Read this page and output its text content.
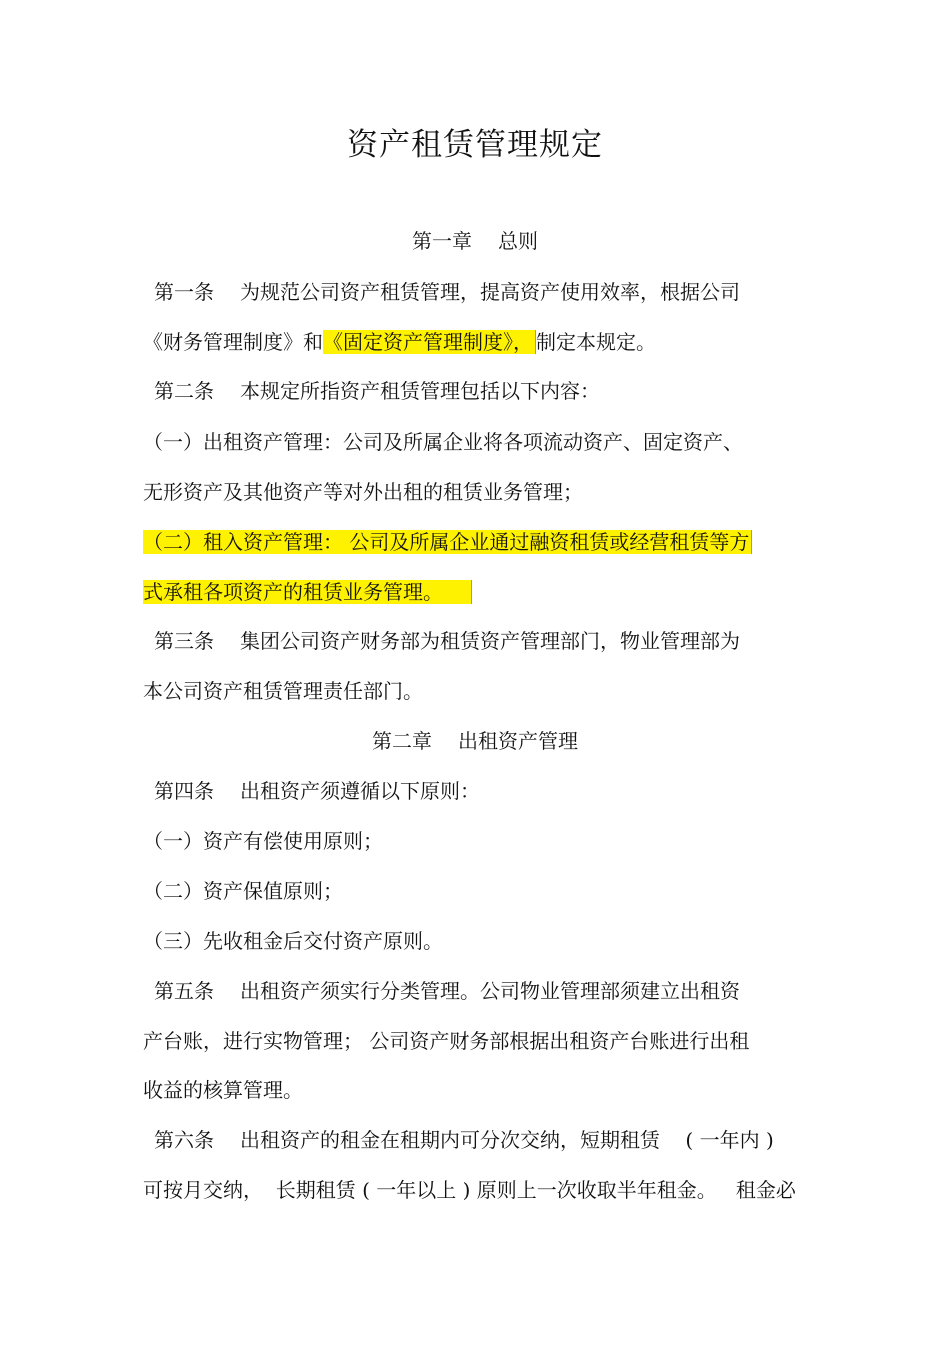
资产租赁管理规定
第一章 总则
第一条 为规范公司资产租赁管理，提高资产使用效率，根据公司
《财务管理制度》和《固定资产管理制度》， 制定本规定。
第二条 本规定所指资产租赁管理包括以下内容：
（一）出租资产管理：公司及所属企业将各项流动资产、固定资产、
无形资产及其他资产等对外出租的租赁业务管理；
（二）租入资产管理： 公司及所属企业通过融资租赁或经营租赁等方
式承租各项资产的租赁业务管理。
第三条 集团公司资产财务部为租赁资产管理部门，物业管理部为
本公司资产租赁管理责任部门。
第二章 出租资产管理
第四条 出租资产须遵循以下原则：
（一）资产有偿使用原则；
（二）资产保值原则；
（三）先收租金后交付资产原则。
第五条 出租资产须实行分类管理。公司物业管理部须建立出租资
产台账，进行实物管理； 公司资产财务部根据出租资产台账进行出租
收益的核算管理。
第六条 出租资产的租金在租期内可分次交纳，短期租赁    ( 一年内 )
可按月交纳，  长期租赁 ( 一年以上 ) 原则上一次收取半年租金。   租金必
